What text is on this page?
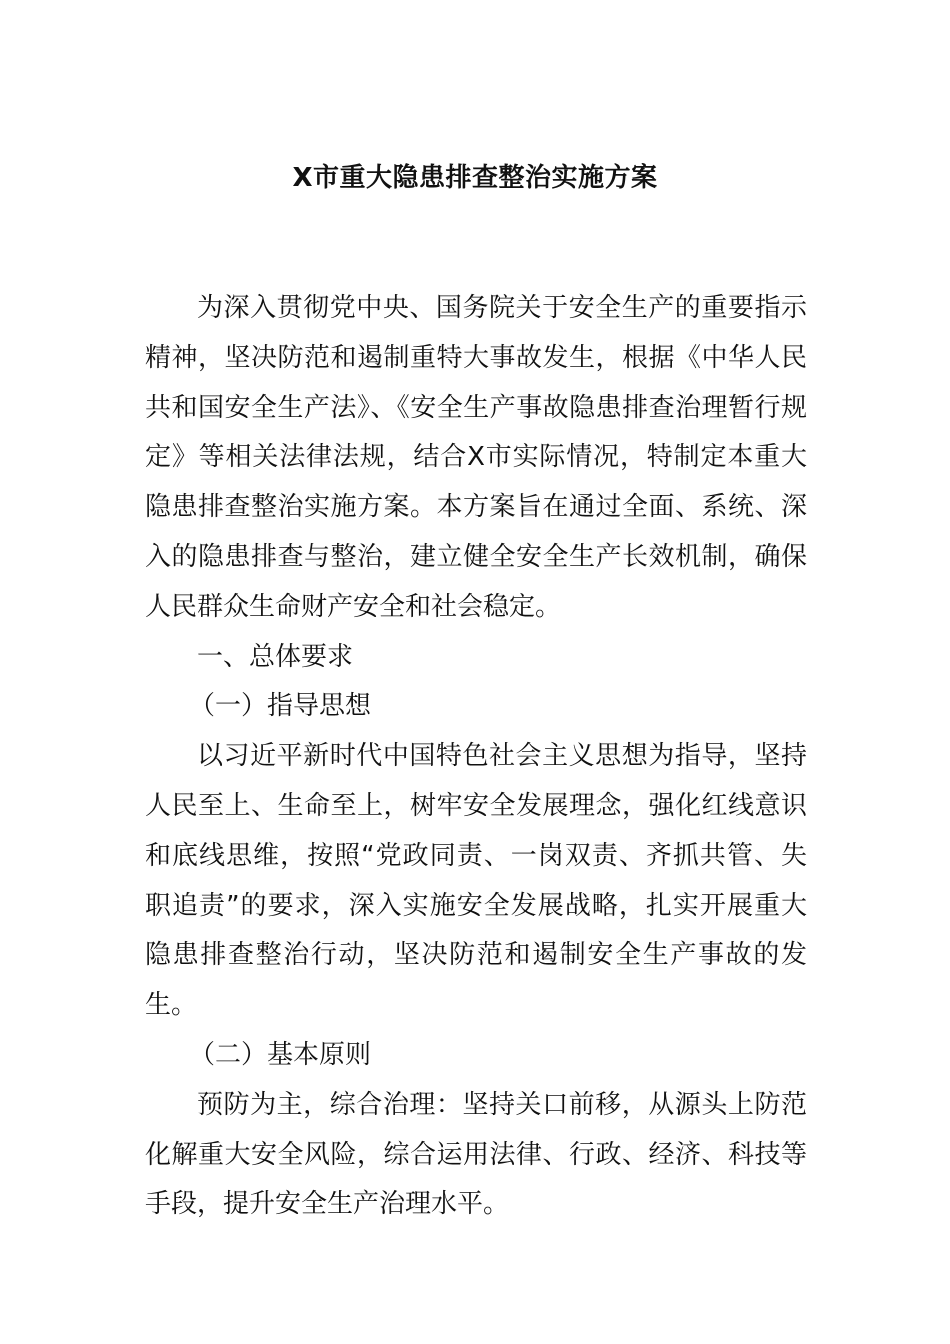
X市重大隐患排查整治实施方案

为深入贯彻党中央、国务院关于安全生产的重要指示精神，坚决防范和遏制重特大事故发生，根据《中华人民共和国安全生产法》、《安全生产事故隐患排查治理暂行规定》等相关法律法规，结合X市实际情况，特制定本重大隐患排查整治实施方案。本方案旨在通过全面、系统、深入的隐患排查与整治，建立健全安全生产长效机制，确保人民群众生命财产安全和社会稳定。

一、总体要求

（一）指导思想

以习近平新时代中国特色社会主义思想为指导，坚持人民至上、生命至上，树牢安全发展理念，强化红线意识和底线思维，按照“党政同责、一岗双责、齐抓共管、失职追责”的要求，深入实施安全发展战略，扎实开展重大隐患排查整治行动，坚决防范和遏制安全生产事故的发生。

（二）基本原则

预防为主，综合治理：坚持关口前移，从源头上防范化解重大安全风险，综合运用法律、行政、经济、科技等手段，提升安全生产治理水平。
